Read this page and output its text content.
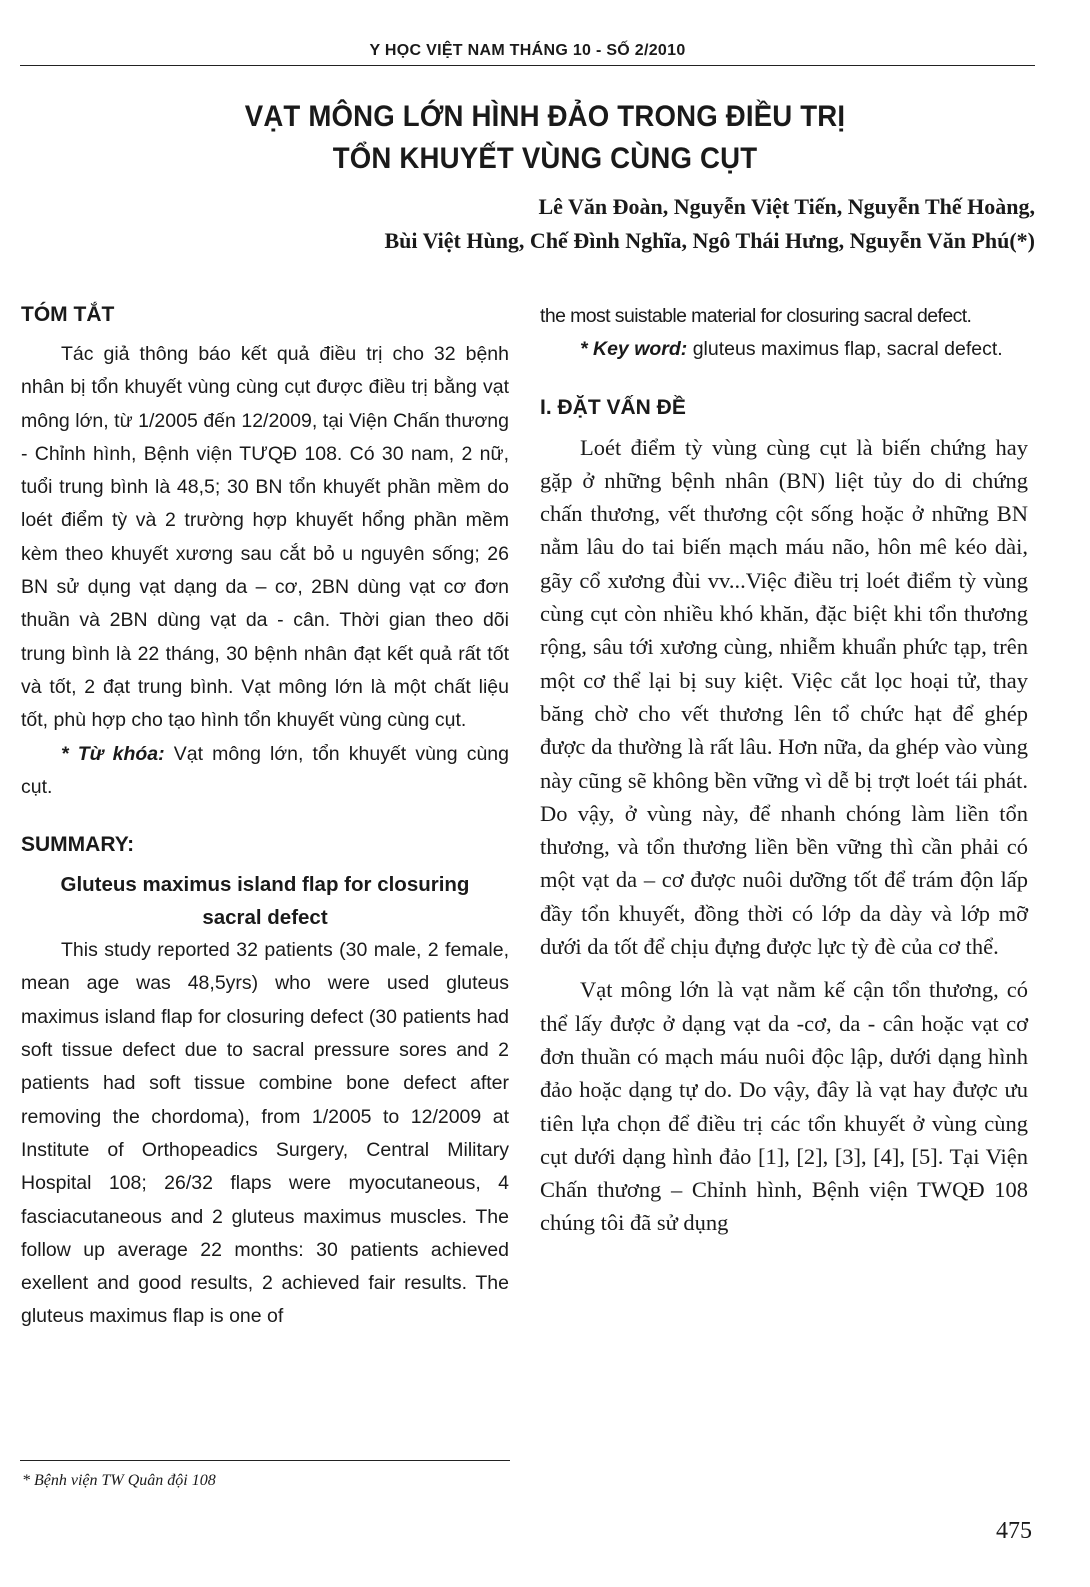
Y HỌC VIỆT NAM THÁNG 10 - SỐ 2/2010
VẠT MÔNG LỚN HÌNH ĐẢO TRONG ĐIỀU TRỊ
TỔN KHUYẾT VÙNG CÙNG CỤT
Lê Văn Đoàn, Nguyễn Việt Tiến, Nguyễn Thế Hoàng,
Bùi Việt Hùng, Chế Đình Nghĩa, Ngô Thái Hưng, Nguyễn Văn Phú(*)
TÓM TẮT

Tác giả thông báo kết quả điều trị cho 32 bệnh nhân bị tổn khuyết vùng cùng cụt được điều trị bằng vạt mông lớn, từ 1/2005 đến 12/2009, tại Viện Chấn thương - Chỉnh hình, Bệnh viện TƯQĐ 108. Có 30 nam, 2 nữ, tuổi trung bình là 48,5; 30 BN tổn khuyết phần mềm do loét điểm tỳ và 2 trường hợp khuyết hổng phần mềm kèm theo khuyết xương sau cắt bỏ u nguyên sống; 26 BN sử dụng vạt dạng da – cơ, 2BN dùng vạt cơ đơn thuần và 2BN dùng vạt da - cân. Thời gian theo dõi trung bình là 22 tháng, 30 bệnh nhân đạt kết quả rất tốt và tốt, 2 đạt trung bình. Vạt mông lớn là một chất liệu tốt, phù hợp cho tạo hình tổn khuyết vùng cùng cụt.

* Từ khóa: Vạt mông lớn, tổn khuyết vùng cùng cụt.

SUMMARY:
Gluteus maximus island flap for closuring sacral defect

This study reported 32 patients (30 male, 2 female, mean age was 48,5yrs) who were used gluteus maximus island flap for closuring defect (30 patients had soft tissue defect due to sacral pressure sores and 2 patients had soft tissue combine bone defect after removing the chordoma), from 1/2005 to 12/2009 at Institute of Orthopeadics Surgery, Central Military Hospital 108; 26/32 flaps were myocutaneous, 4 fasciacutaneous and 2 gluteus maximus muscles. The follow up average 22 months: 30 patients achieved exellent and good results, 2 achieved fair results. The gluteus maximus flap is one of

the most suistable material for closuring sacral defect.

* Key word: gluteus maximus flap, sacral defect.

I. ĐẶT VẤN ĐỀ

Loét điểm tỳ vùng cùng cụt là biến chứng hay gặp ở những bệnh nhân (BN) liệt tủy do di chứng chấn thương, vết thương cột sống hoặc ở những BN nằm lâu do tai biến mạch máu não, hôn mê kéo dài, gãy cổ xương đùi vv...Việc điều trị loét điểm tỳ vùng cùng cụt còn nhiều khó khăn, đặc biệt khi tổn thương rộng, sâu tới xương cùng, nhiễm khuẩn phức tạp, trên một cơ thể lại bị suy kiệt. Việc cắt lọc hoại tử, thay băng chờ cho vết thương lên tổ chức hạt để ghép được da thường là rất lâu. Hơn nữa, da ghép vào vùng này cũng sẽ không bền vững vì dễ bị trợt loét tái phát. Do vậy, ở vùng này, để nhanh chóng làm liền tổn thương, và tổn thương liền bền vững thì cần phải có một vạt da – cơ được nuôi dưỡng tốt để trám độn lấp đầy tổn khuyết, đồng thời có lớp da dày và lớp mỡ dưới da tốt để chịu đựng được lực tỳ đè của cơ thể.

Vạt mông lớn là vạt nằm kế cận tổn thương, có thể lấy được ở dạng vạt da -cơ, da - cân hoặc vạt cơ đơn thuần có mạch máu nuôi độc lập, dưới dạng hình đảo hoặc dạng tự do. Do vậy, đây là vạt hay được ưu tiên lựa chọn để điều trị các tổn khuyết ở vùng cùng cụt dưới dạng hình đảo [1], [2], [3], [4], [5]. Tại Viện Chấn thương – Chỉnh hình, Bệnh viện TWQĐ 108 chúng tôi đã sử dụng

* Bệnh viện TW Quân đội 108
475
